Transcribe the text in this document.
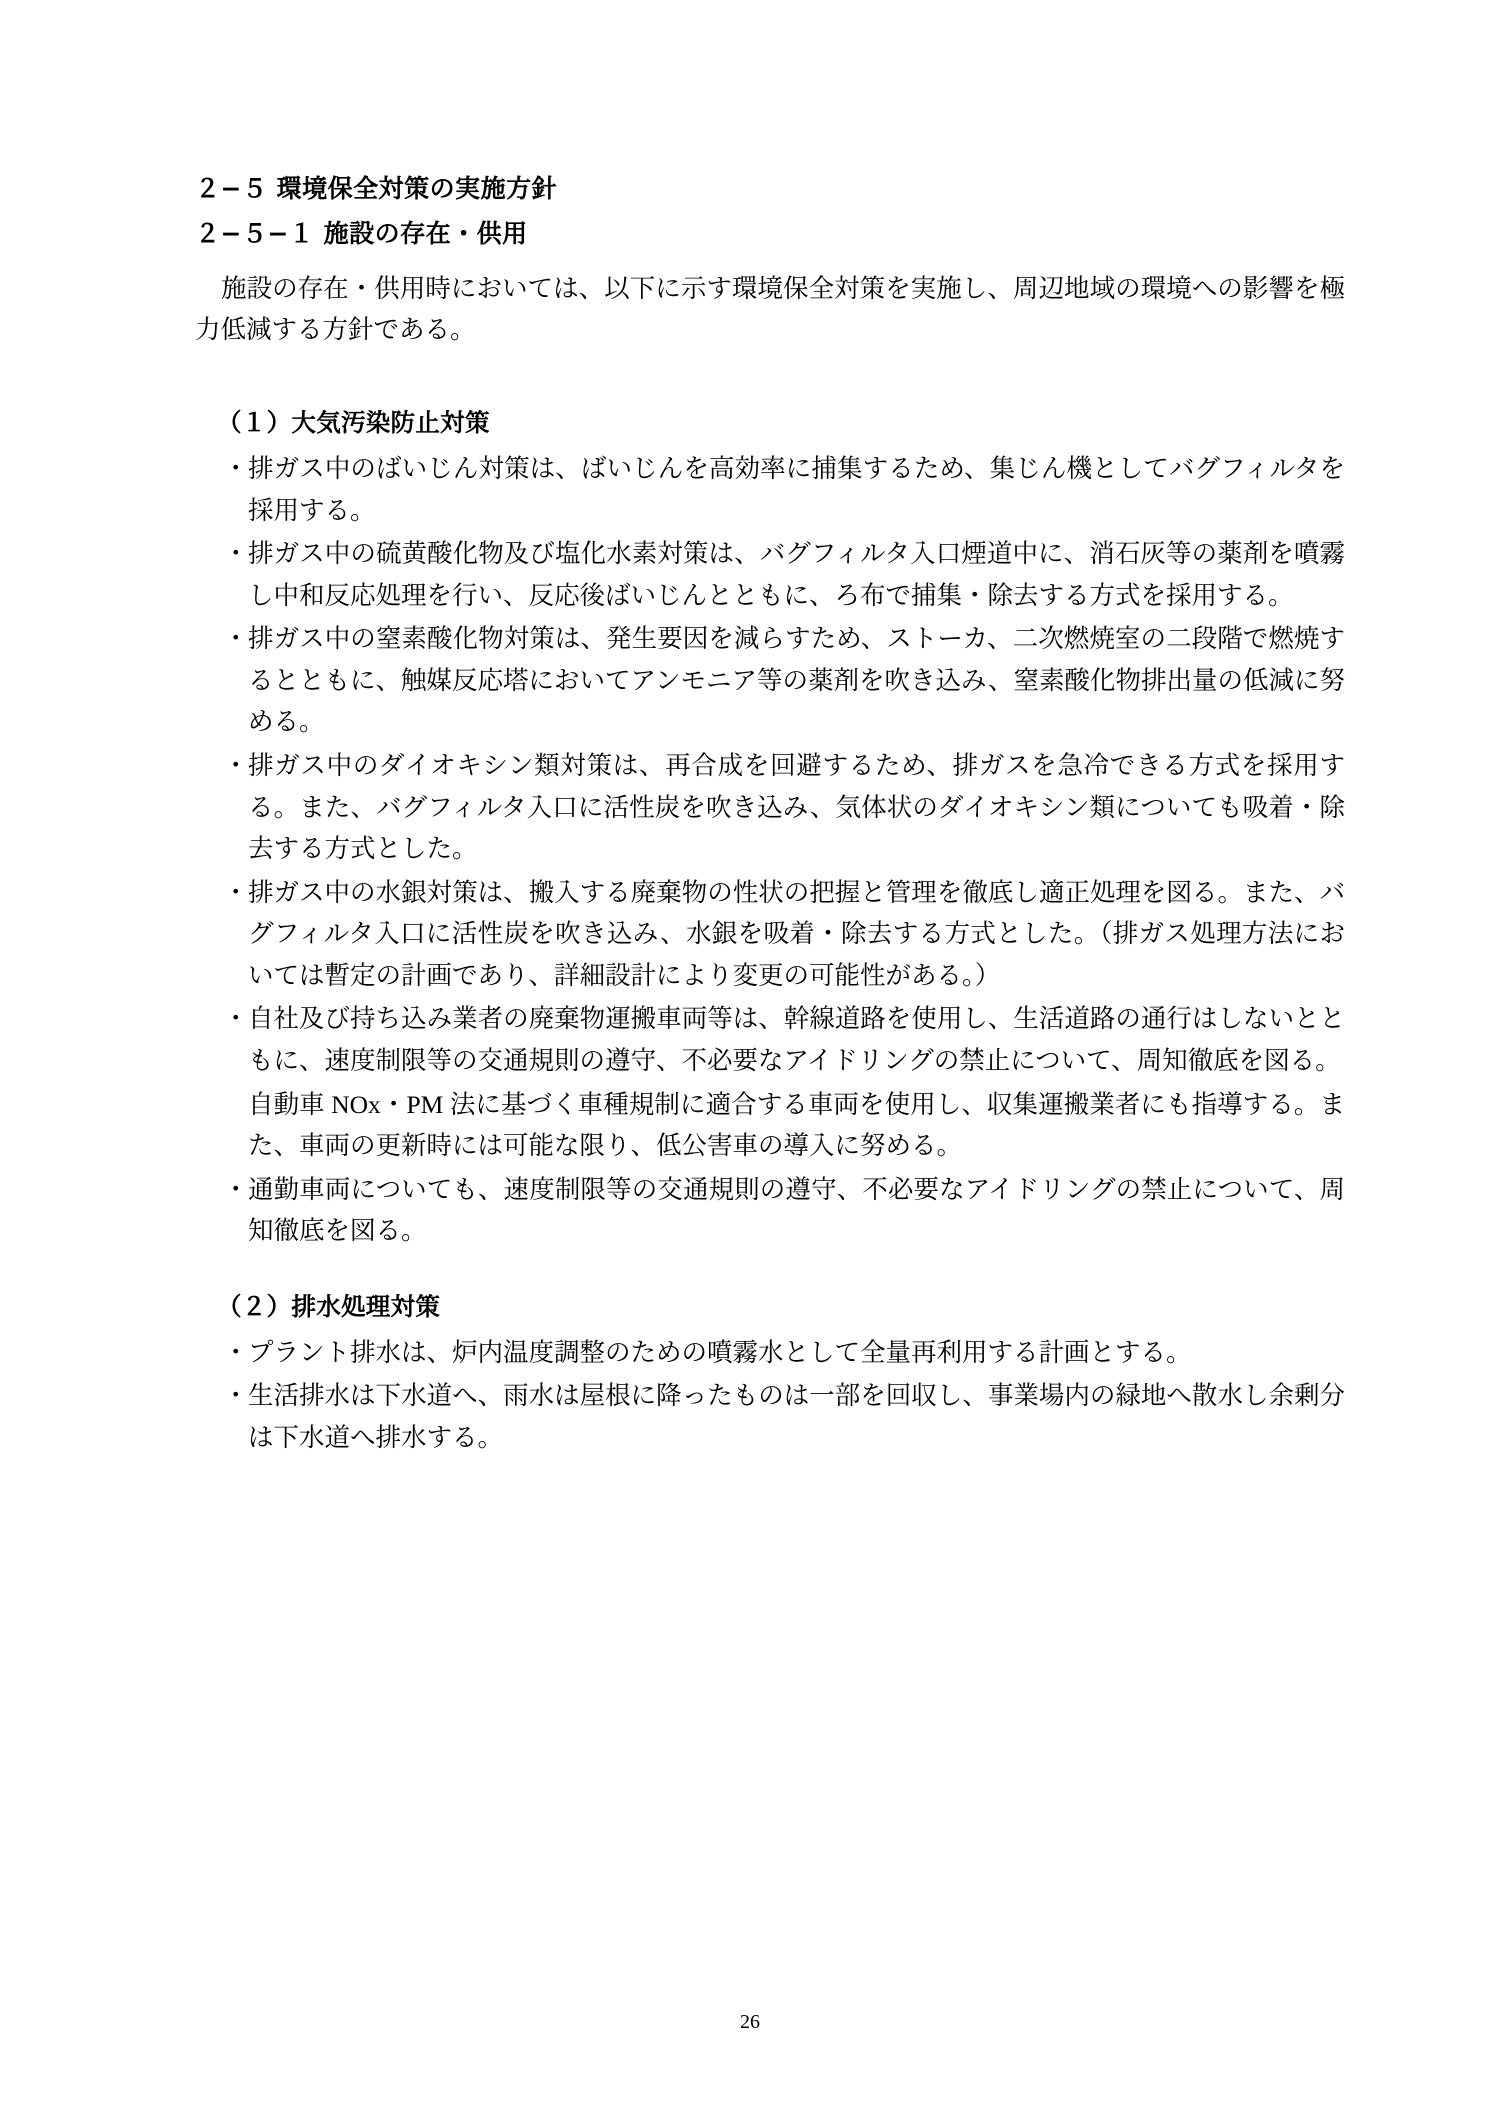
２−５ 環境保全対策の実施方針
２−５−１ 施設の存在・供用

施設の存在・供用時においては、以下に示す環境保全対策を実施し、周辺地域の環境への影響を極力低減する方針である。

（１）大気汚染防止対策
・ 排ガス中のばいじん対策は、ばいじんを高効率に捕集するため、集じん機としてバグフィルタを採用する。
・ 排ガス中の硫黄酸化物及び塩化水素対策は、バグフィルタ入口煙道中に、消石灰等の薬剤を噴霧し中和反応処理を行い、反応後ばいじんとともに、ろ布で捕集・除去する方式を採用する。
・ 排ガス中の窒素酸化物対策は、発生要因を減らすため、ストーカ、二次燃焼室の二段階で燃焼するとともに、触媒反応塔においてアンモニア等の薬剤を吹き込み、窒素酸化物排出量の低減に努める。
・ 排ガス中のダイオキシン類対策は、再合成を回避するため、排ガスを急冷できる方式を採用する。また、バグフィルタ入口に活性炭を吹き込み、気体状のダイオキシン類についても吸着・除去する方式とした。
・ 排ガス中の水銀対策は、搬入する廃棄物の性状の把握と管理を徹底し適正処理を図る。また、バグフィルタ入口に活性炭を吹き込み、水銀を吸着・除去する方式とした。（排ガス処理方法においては暫定の計画であり、詳細設計により変更の可能性がある。）
・ 自社及び持ち込み業者の廃棄物運搬車両等は、幹線道路を使用し、生活道路の通行はしないとともに、速度制限等の交通規則の遵守、不必要なアイドリングの禁止について、周知徹底を図る。
自動車 NOx・PM 法に基づく車種規制に適合する車両を使用し、収集運搬業者にも指導する。また、車両の更新時には可能な限り、低公害車の導入に努める。
・ 通勤車両についても、速度制限等の交通規則の遵守、不必要なアイドリングの禁止について、周知徹底を図る。
（２）排水処理対策
・ プラント排水は、炉内温度調整のための噴霧水として全量再利用する計画とする。
・ 生活排水は下水道へ、雨水は屋根に降ったものは一部を回収し、事業場内の緑地へ散水し余剰分は下水道へ排水する。
26
